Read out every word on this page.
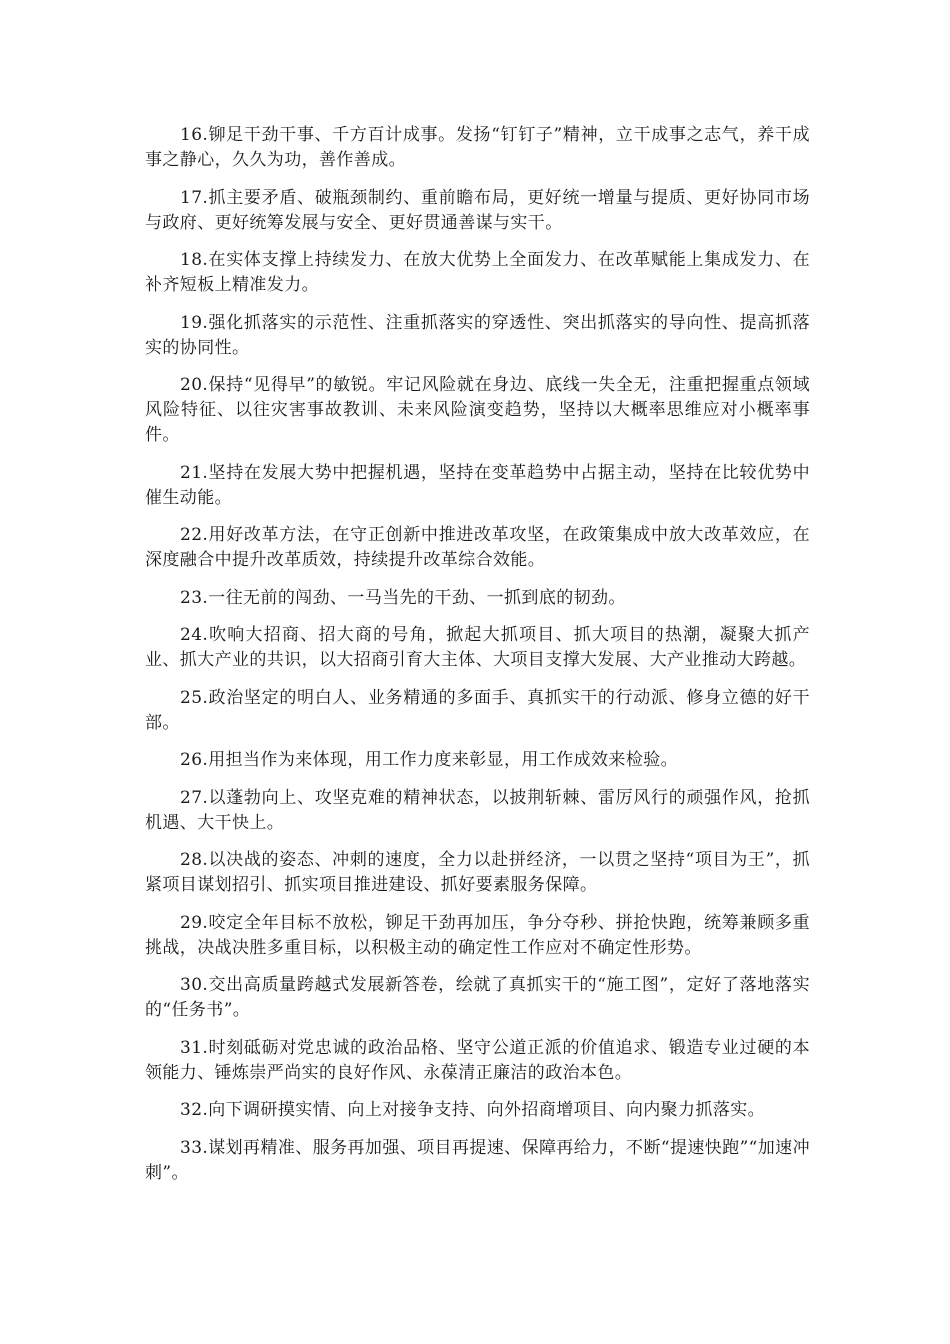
16.铆足干劲干事、千方百计成事。发扬“钉钉子”精神，立干成事之志气，养干成事之静心，久久为功，善作善成。

17.抓主要矛盾、破瓶颈制约、重前瞻布局，更好统一增量与提质、更好协同市场与政府、更好统筹发展与安全、更好贯通善谋与实干。

18.在实体支撑上持续发力、在放大优势上全面发力、在改革赋能上集成发力、在补齐短板上精准发力。

19.强化抓落实的示范性、注重抓落实的穿透性、突出抓落实的导向性、提高抓落实的协同性。

20.保持“见得早”的敏锐。牢记风险就在身边、底线一失全无，注重把握重点领域风险特征、以往灾害事故教训、未来风险演变趋势，坚持以大概率思维应对小概率事件。

21.坚持在发展大势中把握机遇，坚持在变革趋势中占据主动，坚持在比较优势中催生动能。

22.用好改革方法，在守正创新中推进改革攻坚，在政策集成中放大改革效应，在深度融合中提升改革质效，持续提升改革综合效能。

23.一往无前的闯劲、一马当先的干劲、一抓到底的韧劲。

24.吹响大招商、招大商的号角，掀起大抓项目、抓大项目的热潮，凝聚大抓产业、抓大产业的共识，以大招商引育大主体、大项目支撑大发展、大产业推动大跨越。

25.政治坚定的明白人、业务精通的多面手、真抓实干的行动派、修身立德的好干部。

26.用担当作为来体现，用工作力度来彰显，用工作成效来检验。

27.以蓬勃向上、攻坚克难的精神状态，以披荆斩棘、雷厉风行的顽强作风，抢抓机遇、大干快上。

28.以决战的姿态、冲刺的速度，全力以赴拼经济，一以贯之坚持“项目为王”，抓紧项目谋划招引、抓实项目推进建设、抓好要素服务保障。

29.咬定全年目标不放松，铆足干劲再加压，争分夺秒、拼抢快跑，统筹兼顾多重挑战，决战决胜多重目标，以积极主动的确定性工作应对不确定性形势。

30.交出高质量跨越式发展新答卷，绘就了真抓实干的“施工图”，定好了落地落实的“任务书”。

31.时刻砥砺对党忠诚的政治品格、坚守公道正派的价值追求、锻造专业过硬的本领能力、锤炼崇严尚实的良好作风、永葆清正廉洁的政治本色。

32.向下调研摸实情、向上对接争支持、向外招商增项目、向内聚力抓落实。

33.谋划再精准、服务再加强、项目再提速、保障再给力，不断“提速快跑”“加速冲刺”。
